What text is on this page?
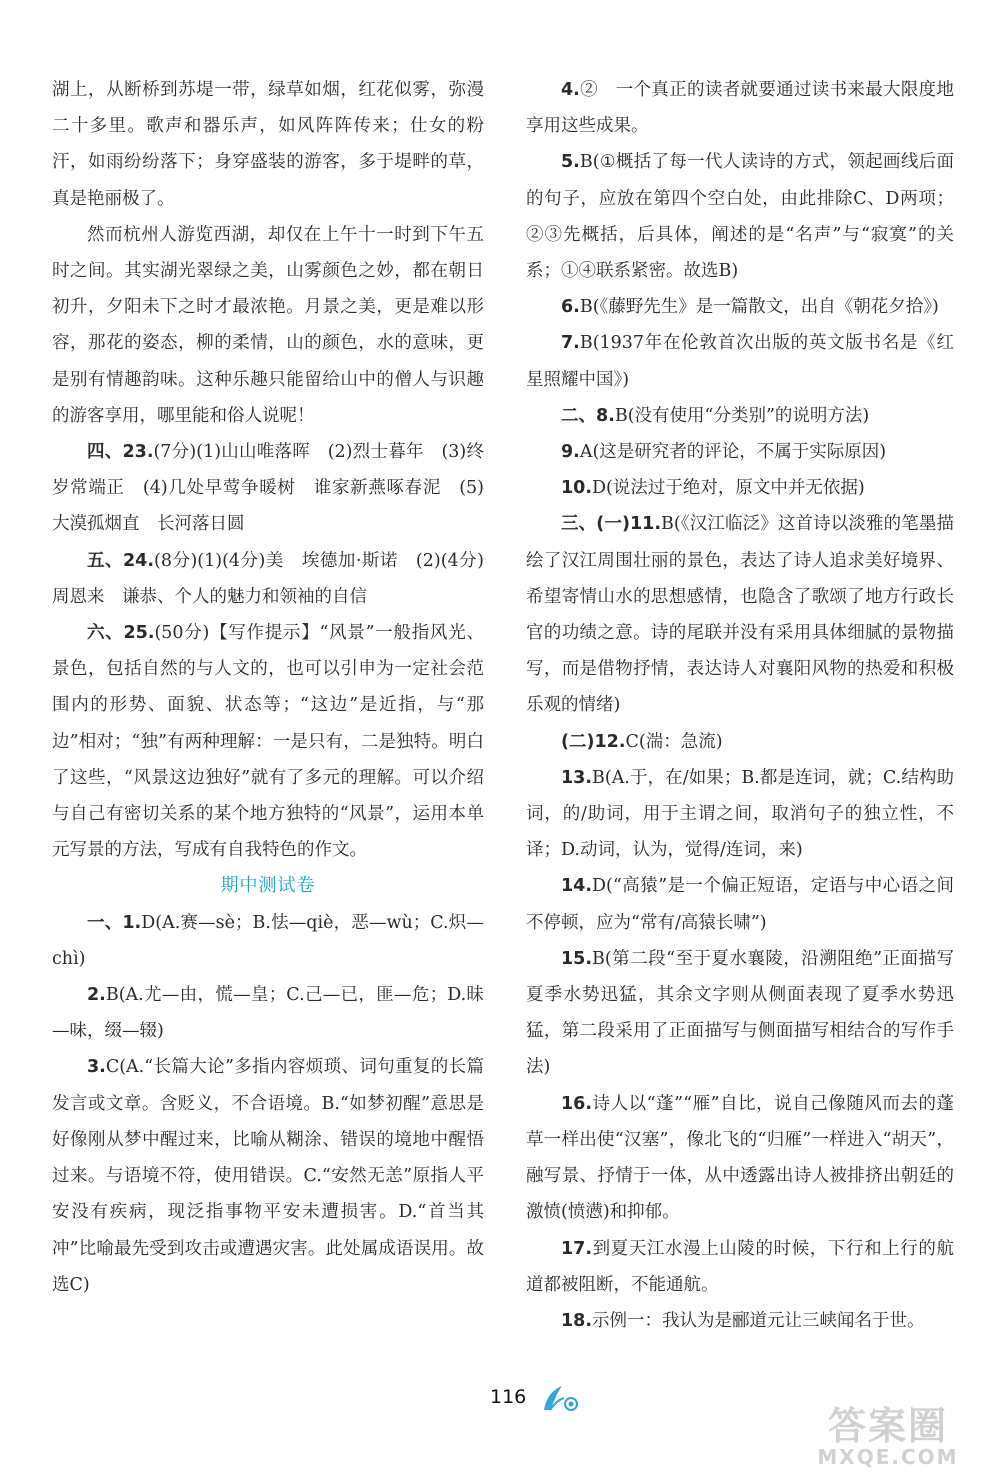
湖上，从断桥到苏堤一带，绿草如烟，红花似雾，弥漫二十多里。歌声和器乐声，如风阵阵传来；仕女的粉汗，如雨纷纷落下；身穿盛装的游客，多于堤畔的草，真是艳丽极了。

然而杭州人游览西湖，却仅在上午十一时到下午五时之间。其实湖光翠绿之美，山雾颜色之妙，都在朝日初升，夕阳未下之时才最浓艳。月景之美，更是难以形容，那花的姿态，柳的柔情，山的颜色，水的意味，更是别有情趣韵味。这种乐趣只能留给山中的僧人与识趣的游客享用，哪里能和俗人说呢！

四、23.(7分)(1)山山唯落晖　(2)烈士暮年　(3)终岁常端正　(4)几处早莺争暖树　谁家新燕啄春泥　(5)大漠孤烟直　长河落日圆

五、24.(8分)(1)(4分)美　埃德加·斯诺　(2)(4分)周恩来　谦恭、个人的魅力和领袖的自信

六、25.(50分)【写作提示】“风景”一般指风光、景色，包括自然的与人文的，也可以引申为一定社会范围内的形势、面貌、状态等；“这边”是近指，与“那边”相对；“独”有两种理解：一是只有，二是独特。明白了这些，“风景这边独好”就有了多元的理解。可以介绍与自己有密切关系的某个地方独特的“风景”，运用本单元写景的方法，写成有自我特色的作文。

期中测试卷

一、1.D(A.赛—sè；B.怯—qiè，恶—wù；C.炽—chì)

2.B(A.尤—由，慌—皇；C.己—已，匪—危；D.昧—味，缀—辍)

3.C(A.“长篇大论”多指内容烦琐、词句重复的长篇发言或文章。含贬义，不合语境。B.“如梦初醒”意思是好像刚从梦中醒过来，比喻从糊涂、错误的境地中醒悟过来。与语境不符，使用错误。C.“安然无恙”原指人平安没有疾病，现泛指事物平安未遭损害。D.“首当其冲”比喻最先受到攻击或遭遇灾害。此处属成语误用。故选C)

4.②　一个真正的读者就要通过读书来最大限度地享用这些成果。

5.B(①概括了每一代人读诗的方式，领起画线后面的句子，应放在第四个空白处，由此排除C、D两项；②③先概括，后具体，阐述的是“名声”与“寂寞”的关系；①④联系紧密。故选B)

6.B(《藤野先生》是一篇散文，出自《朝花夕拾》)

7.B(1937年在伦敦首次出版的英文版书名是《红星照耀中国》)

二、8.B(没有使用“分类别”的说明方法)

9.A(这是研究者的评论，不属于实际原因)

10.D(说法过于绝对，原文中并无依据)

三、(一)11.B(《汉江临泛》这首诗以淡雅的笔墨描绘了汉江周围壮丽的景色，表达了诗人追求美好境界、希望寄情山水的思想感情，也隐含了歌颂了地方行政长官的功绩之意。诗的尾联并没有采用具体细腻的景物描写，而是借物抒情，表达诗人对襄阳风物的热爱和积极乐观的情绪)

(二)12.C(湍：急流)

13.B(A.于，在/如果；B.都是连词，就；C.结构助词，的/助词，用于主谓之间，取消句子的独立性，不译；D.动词，认为，觉得/连词，来)

14.D(“高猿”是一个偏正短语，定语与中心语之间不停顿，应为“常有/高猿长啸”)

15.B(第二段“至于夏水襄陵，沿溯阻绝”正面描写夏季水势迅猛，其余文字则从侧面表现了夏季水势迅猛，第二段采用了正面描写与侧面描写相结合的写作手法)

16.诗人以“蓬”“雁”自比，说自己像随风而去的蓬草一样出使“汉塞”，像北飞的“归雁”一样进入“胡天”，融写景、抒情于一体，从中透露出诗人被排挤出朝廷的激愤(愤懑)和抑郁。

17.到夏天江水漫上山陵的时候，下行和上行的航道都被阻断，不能通航。

18.示例一：我认为是郦道元让三峡闻名于世。

116
答案圈
MXQE.COM
